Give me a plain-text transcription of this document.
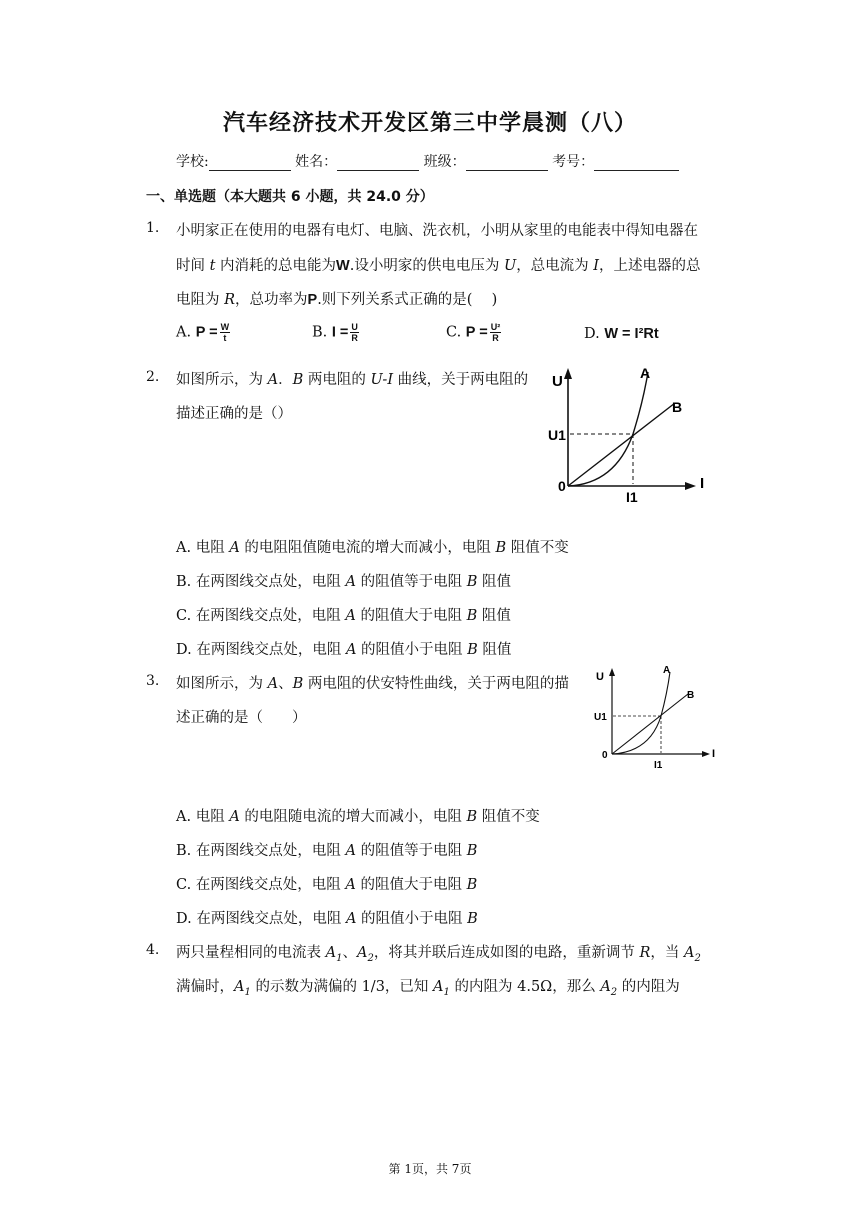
汽车经济技术开发区第三中学晨测（八）
学校:	姓名：	班级：	考号：
一、单选题（本大题共 6 小题，共 24.0 分）
1. 小明家正在使用的电器有电灯、电脑、洗衣机，小明从家里的电能表中得知电器在
时间 t 内消耗的总电能为W.设小明家的供电电压为 U，总电流为 I，上述电器的总
电阻为 R，总功率为P.则下列关系式正确的是(　 )
A. $P = \frac{W}{t}$	B. $I = \frac{U}{R}$	C. $P = \frac{\text{U²}}{R}$	D. W = I²Rt
2. 如图所示，为 A．B 两电阻的 U-I 曲线，关于两电阻的
描述正确的是（）
U
I
A
B
U1
I1
0
A. 电阻 A 的电阻阻值随电流的增大而减小，电阻 B 阻值不变
B. 在两图线交点处，电阻 A 的阻值等于电阻 B 阻值
C. 在两图线交点处，电阻 A 的阻值大于电阻 B 阻值
D. 在两图线交点处，电阻 A 的阻值小于电阻 B 阻值
3. 如图所示，为 A、B 两电阻的伏安特性曲线，关于两电阻的描
述正确的是（　　）
U
I
A
B
U1
I1
0
A. 电阻 A 的电阻随电流的增大而减小，电阻 B 阻值不变
B. 在两图线交点处，电阻 A 的阻值等于电阻 B
C. 在两图线交点处，电阻 A 的阻值大于电阻 B
D. 在两图线交点处，电阻 A 的阻值小于电阻 B
4. 两只量程相同的电流表 $A_1$、$A_2$，将其并联后连成如图的电路，重新调节 R，当 $A_2$
满偏时，$A_1$ 的示数为满偏的 1/3，已知 $A_1$ 的内阻为 4.5Ω，那么 $A_2$ 的内阻为
第 1页，共 7页
